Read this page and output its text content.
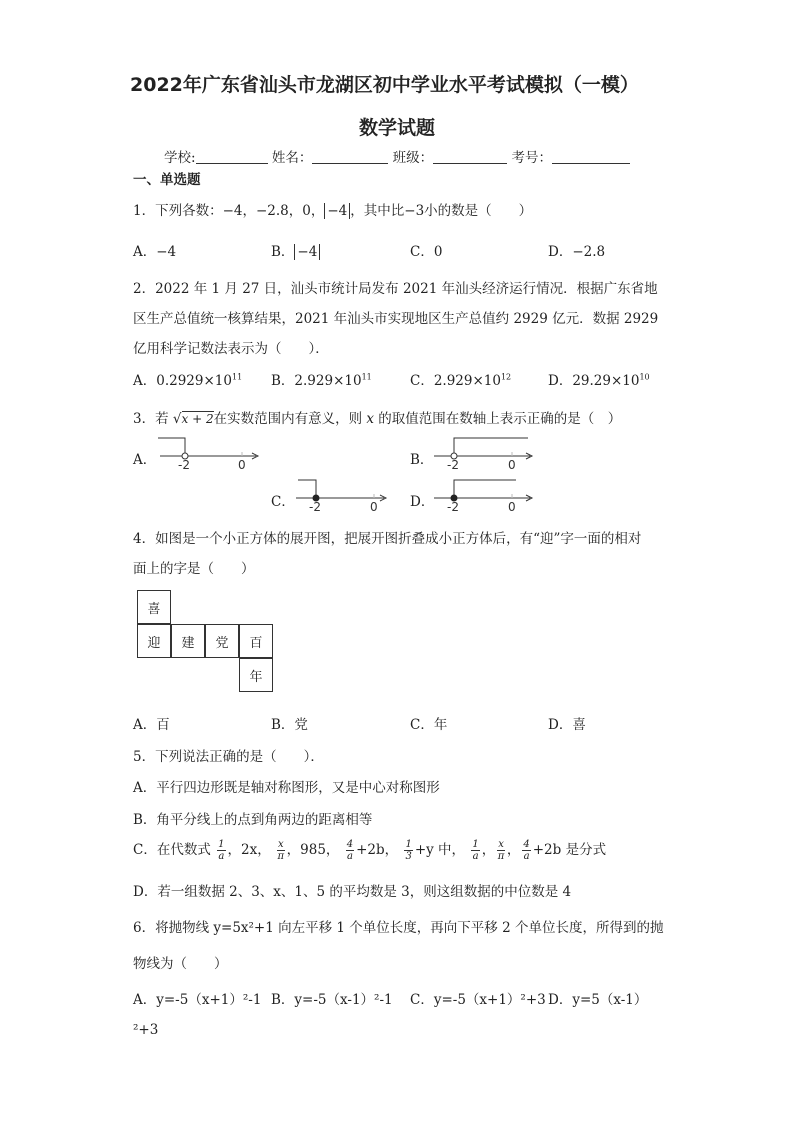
2022年广东省汕头市龙湖区初中学业水平考试模拟（一模）
数学试题
学校:	姓名：	班级：	考号：
一、单选题
1．下列各数：−4，−2.8，0， −4 ，其中比−3小的数是（　　）
A．−4	B． −4	C．0	D．−2.8
2．2022 年 1 月 27 日，汕头市统计局发布 2021 年汕头经济运行情况．根据广东省地
区生产总值统一核算结果，2021 年汕头市实现地区生产总值约 2929 亿元．数据 2929
亿用科学记数法表示为（　　）．
A．$0.2929\times 10^{11}$ B．$2.929\times 10^{11}$	C．$2.929\times 10^{12}$	D．$29.29\times 10^{10}$
3．若 √x + 2在实数范围内有意义，则 x 的取值范围在数轴上表示正确的是（　）
A． -2	0	B． -2	0
C． -2	0 D． -2	0
4．如图是一个小正方体的展开图，把展开图折叠成小正方体后，有“迎”字一面的相对
面上的字是（　　）
喜
迎	建	党	百
年
A．百	B．党	C．年	D．喜
5．下列说法正确的是（　　）．
A．平行四边形既是轴对称图形，又是中心对称图形
B．角平分线上的点到角两边的距离相等
C．在代数式 $\frac{1}{a}$ ，2x， $\frac{x}{\pi}$ ，985， $\frac{4}{a} +2b$， $\frac{1}{3} +y$ 中， $\frac{1}{a}$ ， $\frac{x}{\pi}$ ， $\frac{4}{a} +2b$ 是分式
D．若一组数据 2、3、x、1、5 的平均数是 3，则这组数据的中位数是 4
6．将抛物线 y=5x²+1 向左平移 1 个单位长度，再向下平移 2 个单位长度，所得到的抛
物线为（　　）
A．y=-5（x+1）²-1 B．y=-5（x-1）²-1 C．y=-5（x+1）²+3 D．y=5（x-1）
²+3
